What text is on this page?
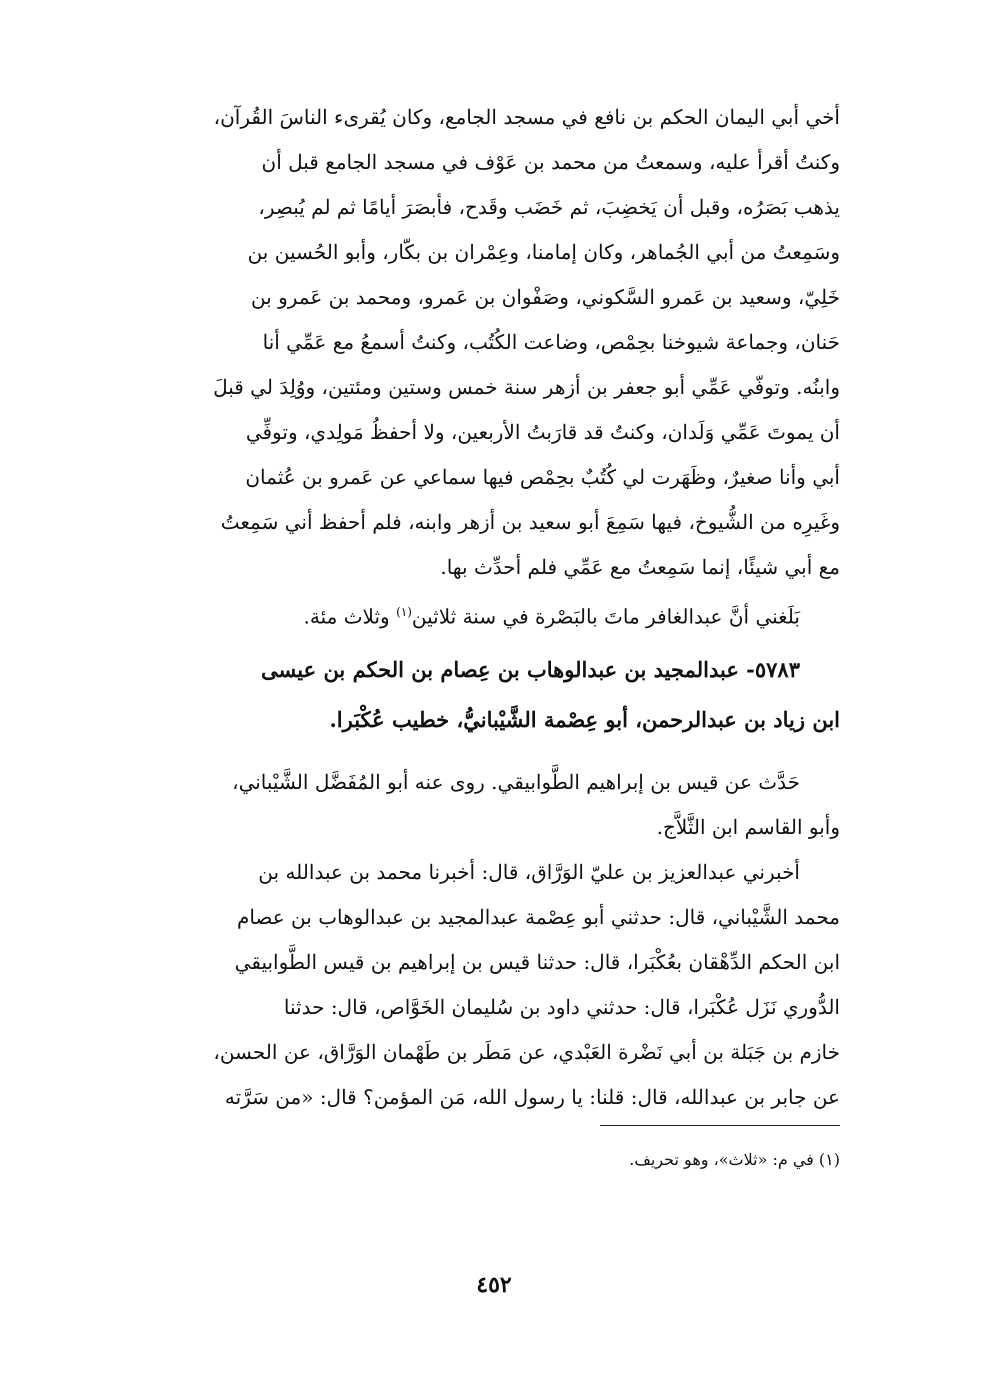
أخي أبي اليمان الحكم بن نافع في مسجد الجامع، وكان يُقرىء الناسَ القُرآن،
وكنتُ أقرأ عليه، وسمعتُ من محمد بن عَوْف في مسجد الجامع قبل أن
يذهب بَصَرُه، وقبل أن يَخضِبَ، ثم خَضَب وقَدح، فأبصَرَ أيامًا ثم لم يُبصِر،
وسَمِعتُ من أبي الجُماهر، وكان إمامنا، وعِمْران بن بكّار، وأبو الحُسين بن
خَلِيّ، وسعيد بن عَمرو السَّكوني، وصَفْوان بن عَمرو، ومحمد بن عَمرو بن
حَنان، وجماعة شيوخنا بحِمْص، وضاعت الكُتُب، وكنتُ أسمعُ مع عَمِّي أنا
وابنُه. وتوفّي عَمِّي أبو جعفر بن أزهر سنة خمس وستين ومئتين، ووُلِدَ لي قبلَ
أن يموتَ عَمِّي وَلَدان، وكنتُ قد قارَبتُ الأربعين، ولا أحفظُ مَولِدي، وتوفِّي
أبي وأنا صغيرٌ، وظَهَرت لي كُتُبٌ بحِمْص فيها سماعي عن عَمرو بن عُثمان
وغَيرِه من الشُّيوخ، فيها سَمِعَ أبو سعيد بن أزهر وابنه، فلم أحفظ أني سَمِعتُ
مع أبي شيئًا، إنما سَمِعتُ مع عَمِّي فلم أحدِّث بها.
بَلَغني أنَّ عبدالغافر ماتَ بالبَصْرة في سنة ثلاثين$^{(١)}$ وثلاث مئة.
٥٧٨٣- عبدالمجيد بن عبدالوهاب بن عِصام بن الحكم بن عيسى
ابن زياد بن عبدالرحمن، أبو عِصْمة الشَّيْبانيُّ، خطيب عُكْبَرا.
حَدَّث عن قيس بن إبراهيم الطَّوابيقي. روى عنه أبو المُفَضَّل الشَّيْباني،
وأبو القاسم ابن الثَّلاَّج.
أخبرني عبدالعزيز بن عليّ الوَرَّاق، قال: أخبرنا محمد بن عبدالله بن
محمد الشَّيْباني، قال: حدثني أبو عِصْمة عبدالمجيد بن عبدالوهاب بن عصام
ابن الحكم الدِّهْقان بعُكْبَرا، قال: حدثنا قيس بن إبراهيم بن قيس الطَّوابيقي
الدُّوري نَزَل عُكْبَرا، قال: حدثني داود بن سُليمان الخَوَّاص، قال: حدثنا
خازم بن جَبَلة بن أبي نَضْرة العَبْدي، عن مَطَر بن طَهْمان الوَرَّاق، عن الحسن،
عن جابر بن عبدالله، قال: قلنا: يا رسول الله، مَن المؤمن؟ قال: «من سَرَّته
(١) في م: «ثلاث»، وهو تحريف.
٤٥٢
